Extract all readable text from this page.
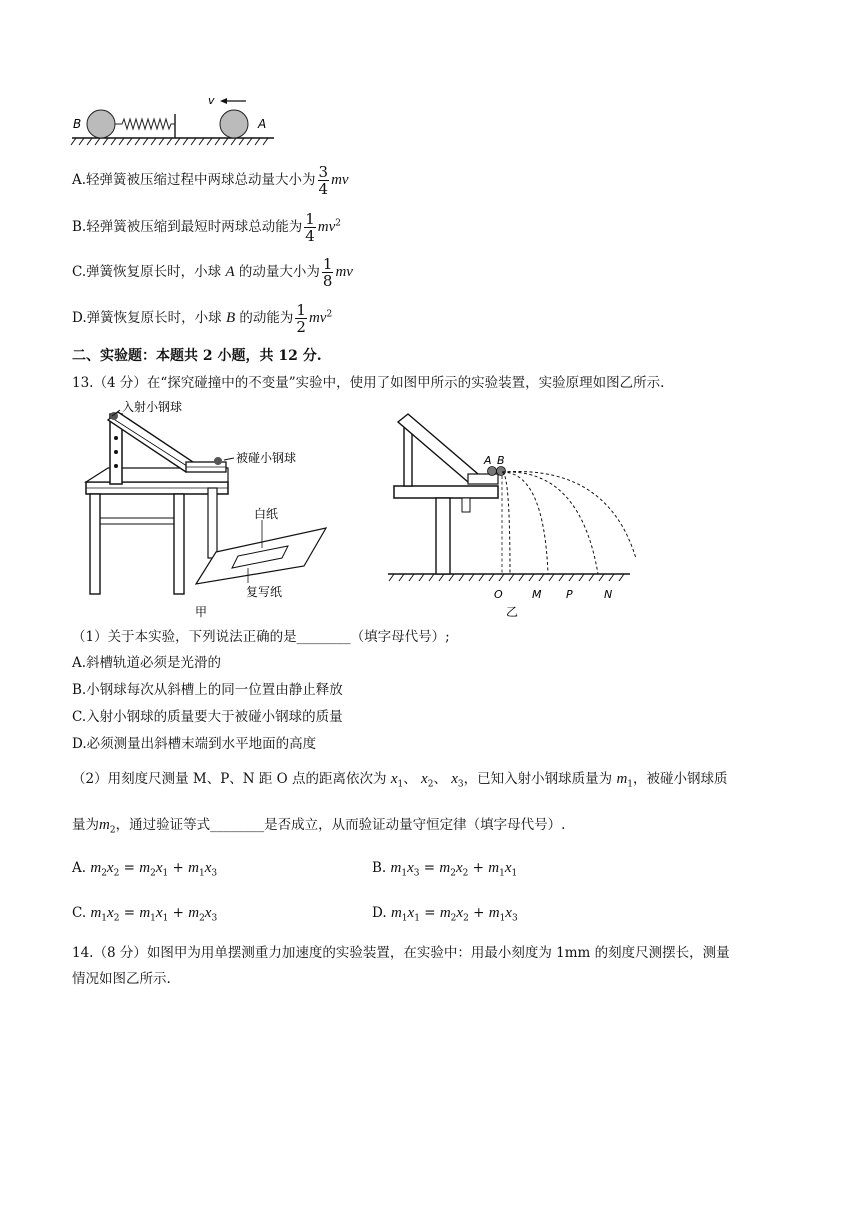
v
B	A
A.轻弹簧被压缩过程中两球总动量大小为 $\frac{3}{4}$ mv
B.轻弹簧被压缩到最短时两球总动能为 $\frac{1}{4} mv^2$
C.弹簧恢复原长时，小球 A 的动量大小为 $\frac{1}{8}$ mv
D.弹簧恢复原长时，小球 B 的动能为 $\frac{1}{2} mv^2$
二、实验题：本题共 2 小题，共 12 分.
13.（4 分）在“探究碰撞中的不变量”实验中，使用了如图甲所示的实验装置，实验原理如图乙所示.
入射小钢球
被碰小钢球
白纸
复写纸
甲
A B
O	M P	N
乙
（1）关于本实验，下列说法正确的是________（填字母代号）;
A.斜槽轨道必须是光滑的
B.小钢球每次从斜槽上的同一位置由静止释放
C.入射小钢球的质量要大于被碰小钢球的质量
D.必须测量出斜槽末端到水平地面的高度
（2）用刻度尺测量 M、P、N 距 O 点的距离依次为 $x_1$、 $x_2$、 $x_3$，已知入射小钢球质量为 $m_1$，被碰小钢球质
量为$m_2$，通过验证等式________是否成立，从而验证动量守恒定律（填字母代号）.
A. $m_2x_2 = m_2x_1 + m_1x_3$	B. $m_1x_3 = m_2x_2 + m_1x_1$
C. $m_1x_2 = m_1x_1 + m_2x_3$	D. $m_1x_1 = m_2x_2 + m_1x_3$
14.（8 分）如图甲为用单摆测重力加速度的实验装置，在实验中：用最小刻度为 1mm 的刻度尺测摆长，测量
情况如图乙所示.
